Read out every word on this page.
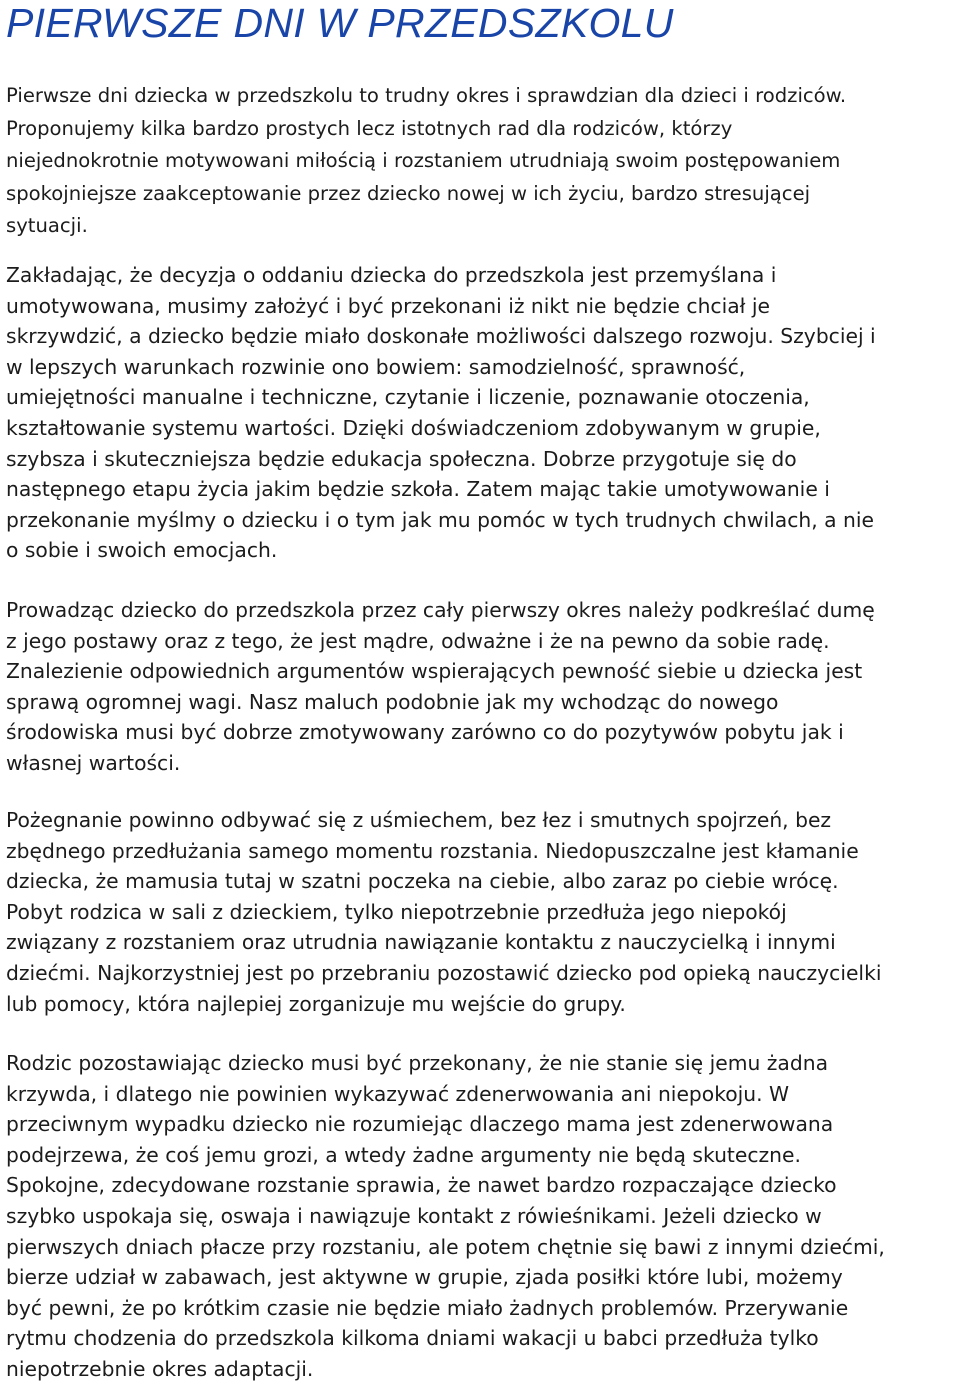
PIERWSZE DNI W PRZEDSZKOLU

Pierwsze dni dziecka w przedszkolu to trudny okres i sprawdzian dla dzieci i rodziców.
Proponujemy kilka bardzo prostych lecz istotnych rad dla rodziców, którzy
niejednokrotnie motywowani miłością i rozstaniem utrudniają swoim postępowaniem
spokojniejsze zaakceptowanie przez dziecko nowej w ich życiu, bardzo stresującej
sytuacji.

Zakładając, że decyzja o oddaniu dziecka do przedszkola jest przemyślana i
umotywowana, musimy założyć i być przekonani iż nikt nie będzie chciał je
skrzywdzić, a dziecko będzie miało doskonałe możliwości dalszego rozwoju. Szybciej i
w lepszych warunkach rozwinie ono bowiem: samodzielność, sprawność,
umiejętności manualne i techniczne, czytanie i liczenie, poznawanie otoczenia,
kształtowanie systemu wartości. Dzięki doświadczeniom zdobywanym w grupie,
szybsza i skuteczniejsza będzie edukacja społeczna. Dobrze przygotuje się do
następnego etapu życia jakim będzie szkoła. Zatem mając takie umotywowanie i
przekonanie myślmy o dziecku i o tym jak mu pomóc w tych trudnych chwilach, a nie
o sobie i swoich emocjach.

Prowadząc dziecko do przedszkola przez cały pierwszy okres należy podkreślać dumę
z jego postawy oraz z tego, że jest mądre, odważne i że na pewno da sobie radę.
Znalezienie odpowiednich argumentów wspierających pewność siebie u dziecka jest
sprawą ogromnej wagi. Nasz maluch podobnie jak my wchodząc do nowego
środowiska musi być dobrze zmotywowany zarówno co do pozytywów pobytu jak i
własnej wartości.

Pożegnanie powinno odbywać się z uśmiechem, bez łez i smutnych spojrzeń, bez
zbędnego przedłużania samego momentu rozstania. Niedopuszczalne jest kłamanie
dziecka, że mamusia tutaj w szatni poczeka na ciebie, albo zaraz po ciebie wrócę.
Pobyt rodzica w sali z dzieckiem, tylko niepotrzebnie przedłuża jego niepokój
związany z rozstaniem oraz utrudnia nawiązanie kontaktu z nauczycielką i innymi
dziećmi. Najkorzystniej jest po przebraniu pozostawić dziecko pod opieką nauczycielki
lub pomocy, która najlepiej zorganizuje mu wejście do grupy.

Rodzic pozostawiając dziecko musi być przekonany, że nie stanie się jemu żadna
krzywda, i dlatego nie powinien wykazywać zdenerwowania ani niepokoju. W
przeciwnym wypadku dziecko nie rozumiejąc dlaczego mama jest zdenerwowana
podejrzewa, że coś jemu grozi, a wtedy żadne argumenty nie będą skuteczne.
Spokojne, zdecydowane rozstanie sprawia, że nawet bardzo rozpaczające dziecko
szybko uspokaja się, oswaja i nawiązuje kontakt z rówieśnikami. Jeżeli dziecko w
pierwszych dniach płacze przy rozstaniu, ale potem chętnie się bawi z innymi dziećmi,
bierze udział w zabawach, jest aktywne w grupie, zjada posiłki które lubi, możemy
być pewni, że po krótkim czasie nie będzie miało żadnych problemów. Przerywanie
rytmu chodzenia do przedszkola kilkoma dniami wakacji u babci przedłuża tylko
niepotrzebnie okres adaptacji.
